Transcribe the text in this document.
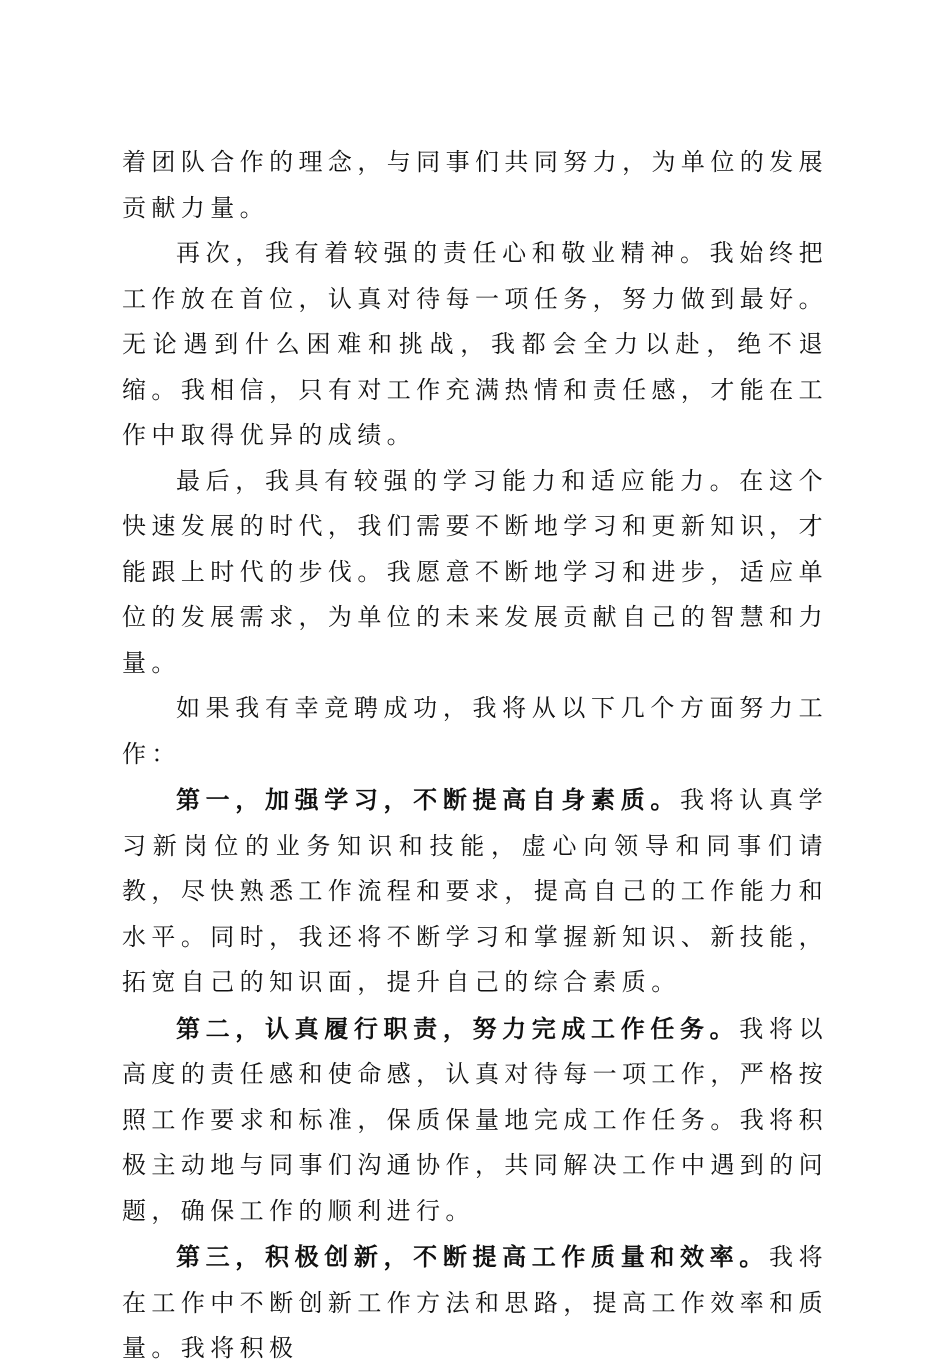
着团队合作的理念，与同事们共同努力，为单位的发展贡献力量。

再次，我有着较强的责任心和敬业精神。我始终把工作放在首位，认真对待每一项任务，努力做到最好。无论遇到什么困难和挑战，我都会全力以赴，绝不退缩。我相信，只有对工作充满热情和责任感，才能在工作中取得优异的成绩。

最后，我具有较强的学习能力和适应能力。在这个快速发展的时代，我们需要不断地学习和更新知识，才能跟上时代的步伐。我愿意不断地学习和进步，适应单位的发展需求，为单位的未来发展贡献自己的智慧和力量。

如果我有幸竞聘成功，我将从以下几个方面努力工作：

第一，加强学习，不断提高自身素质。我将认真学习新岗位的业务知识和技能，虚心向领导和同事们请教，尽快熟悉工作流程和要求，提高自己的工作能力和水平。同时，我还将不断学习和掌握新知识、新技能，拓宽自己的知识面，提升自己的综合素质。

第二，认真履行职责，努力完成工作任务。我将以高度的责任感和使命感，认真对待每一项工作，严格按照工作要求和标准，保质保量地完成工作任务。我将积极主动地与同事们沟通协作，共同解决工作中遇到的问题，确保工作的顺利进行。

第三，积极创新，不断提高工作质量和效率。我将在工作中不断创新工作方法和思路，提高工作效率和质量。我将积极
